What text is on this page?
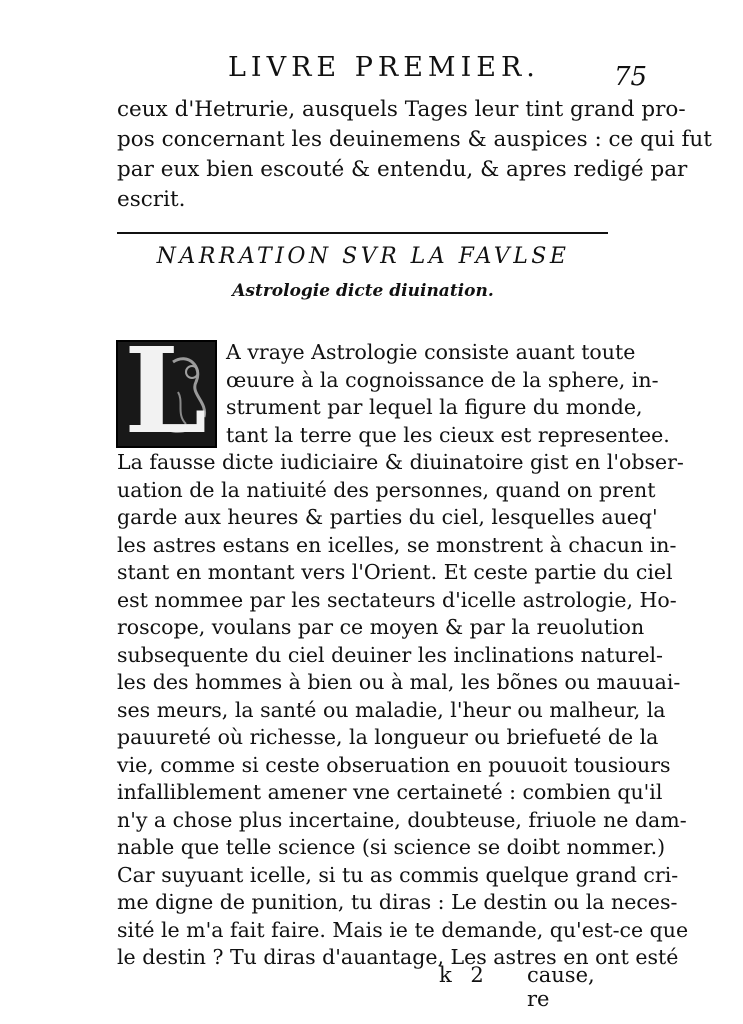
LIVRE PREMIER.	75
ceux d'Hetrurie, ausquels Tages leur tint grand pro-
pos concernant les deuinemens & auspices : ce qui fut
par eux bien escouté & entendu, & apres redigé par
escrit.
NARRATION SVR LA FAVLSE
Astrologie dicte diuination.
L A vraye Astrologie consiste auant toute
œuure à la cognoissance de la sphere, in-
strument par lequel la figure du monde,
tant la terre que les cieux est representee.
La fausse dicte iudiciaire & diuinatoire gist en l'obser-
uation de la natiuité des personnes, quand on prent
garde aux heures & parties du ciel, lesquelles aueq'
les astres estans en icelles, se monstrent à chacun in-
stant en montant vers l'Orient. Et ceste partie du ciel
est nommee par les sectateurs d'icelle astrologie, Ho-
roscope, voulans par ce moyen & par la reuolution
subsequente du ciel deuiner les inclinations naturel-
les des hommes à bien ou à mal, les bõnes ou mauuai-
ses meurs, la santé ou maladie, l'heur ou malheur, la
pauureté où richesse, la longueur ou briefueté de la
vie, comme si ceste obseruation en pouuoit tousiours
infalliblement amener vne certaineté : combien qu'il
n'y a chose plus incertaine, doubteuse, friuole ne dam-
nable que telle science (si science se doibt nommer.)
Car suyuant icelle, si tu as commis quelque grand cri-
me digne de punition, tu diras : Le destin ou la neces-
sité le m'a fait faire. Mais ie te demande, qu'est-ce que
le destin ? Tu diras d'auantage, Les astres en ont esté
k 2 cause, re
